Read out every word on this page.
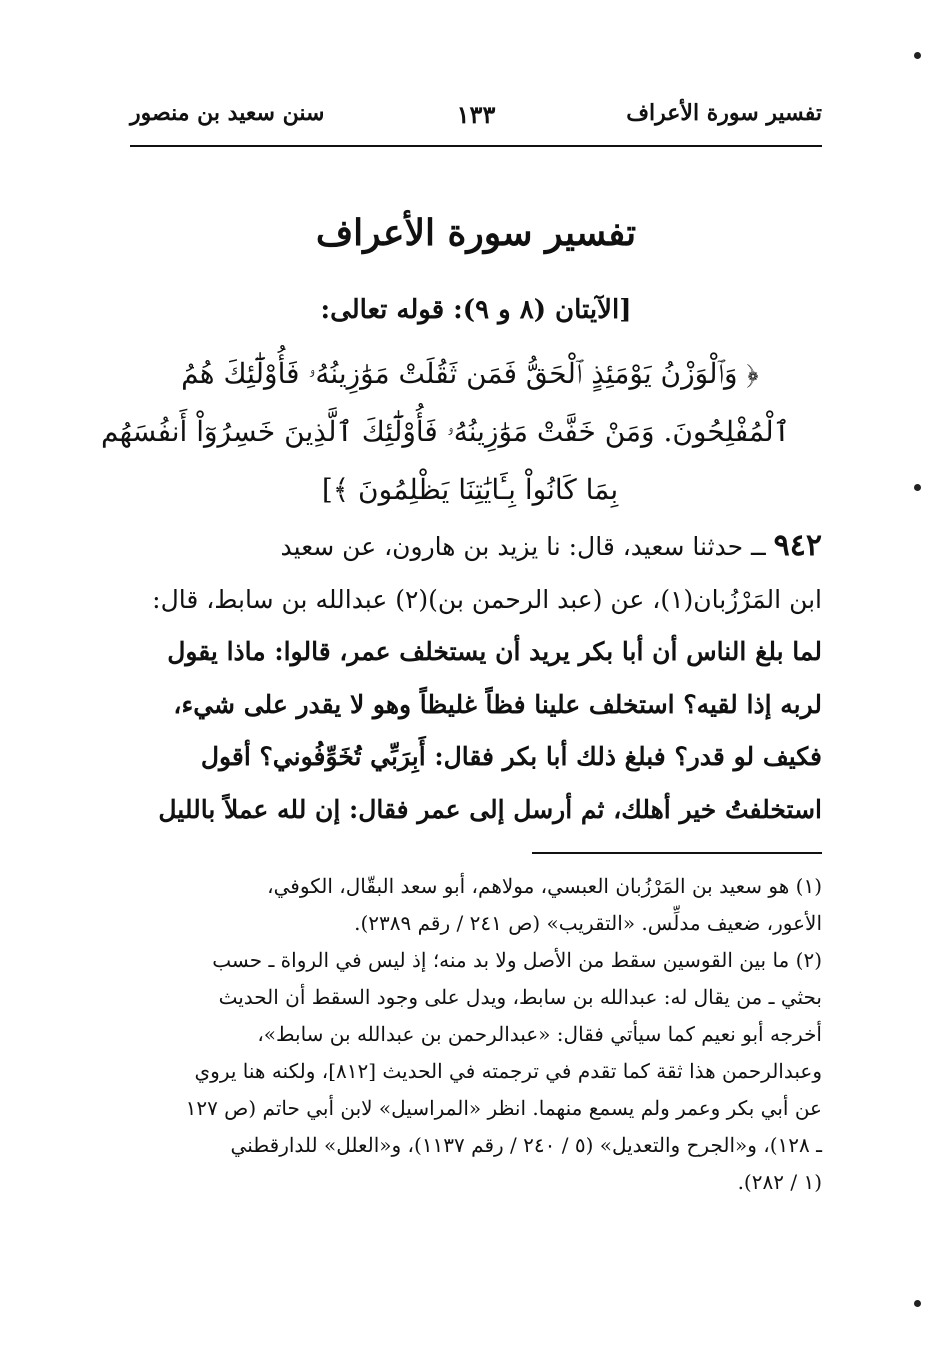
تفسير سورة الأعراف
١٣٣
سنن سعيد بن منصور
تفسير سورة الأعراف
[الآيتان (٨ و ٩): قوله تعالى:
﴿ وَٱلْوَزْنُ يَوْمَئِذٍ ٱلْحَقُّ فَمَن ثَقُلَتْ مَوَٰزِينُهُۥ فَأُوْلَٰٓئِكَ هُمُ
ٱلْمُفْلِحُونَ. وَمَنْ خَفَّتْ مَوَٰزِينُهُۥ فَأُوْلَٰٓئِكَ ٱلَّذِينَ خَسِرُوٓاْ أَنفُسَهُم
بِمَا كَانُواْ بِـَٔايَٰتِنَا يَظْلِمُونَ ﴾]
٩٤٢ ــ حدثنا سعيد، قال: نا يزيد بن هارون، عن سعيد
ابن المَرْزُبان(١)، عن (عبد الرحمن بن)(٢) عبدالله بن سابط، قال:
لما بلغ الناس أن أبا بكر يريد أن يستخلف عمر، قالوا: ماذا يقول
لربه إذا لقيه؟ استخلف علينا فظاً غليظاً وهو لا يقدر على شيء،
فكيف لو قدر؟ فبلغ ذلك أبا بكر فقال: أَبِرَبِّي تُخَوِّفُوني؟ أقول
استخلفتُ خير أهلك، ثم أرسل إلى عمر فقال: إن لله عملاً بالليل
(١) هو سعيد بن المَرْزُبان العبسي، مولاهم، أبو سعد البقّال، الكوفي،
الأعور، ضعيف مدلِّس. «التقريب» (ص ٢٤١ / رقم ٢٣٨٩).
(٢) ما بين القوسين سقط من الأصل ولا بد منه؛ إذ ليس في الرواة ـ حسب
بحثي ـ من يقال له: عبدالله بن سابط، ويدل على وجود السقط أن الحديث
أخرجه أبو نعيم كما سيأتي فقال: «عبدالرحمن بن عبدالله بن سابط»،
وعبدالرحمن هذا ثقة كما تقدم في ترجمته في الحديث [٨١٢]، ولكنه هنا يروي
عن أبي بكر وعمر ولم يسمع منهما. انظر «المراسيل» لابن أبي حاتم (ص ١٢٧
ـ ١٢٨)، و«الجرح والتعديل» (٥ / ٢٤٠ / رقم ١١٣٧)، و«العلل» للدارقطني
(١ / ٢٨٢).
